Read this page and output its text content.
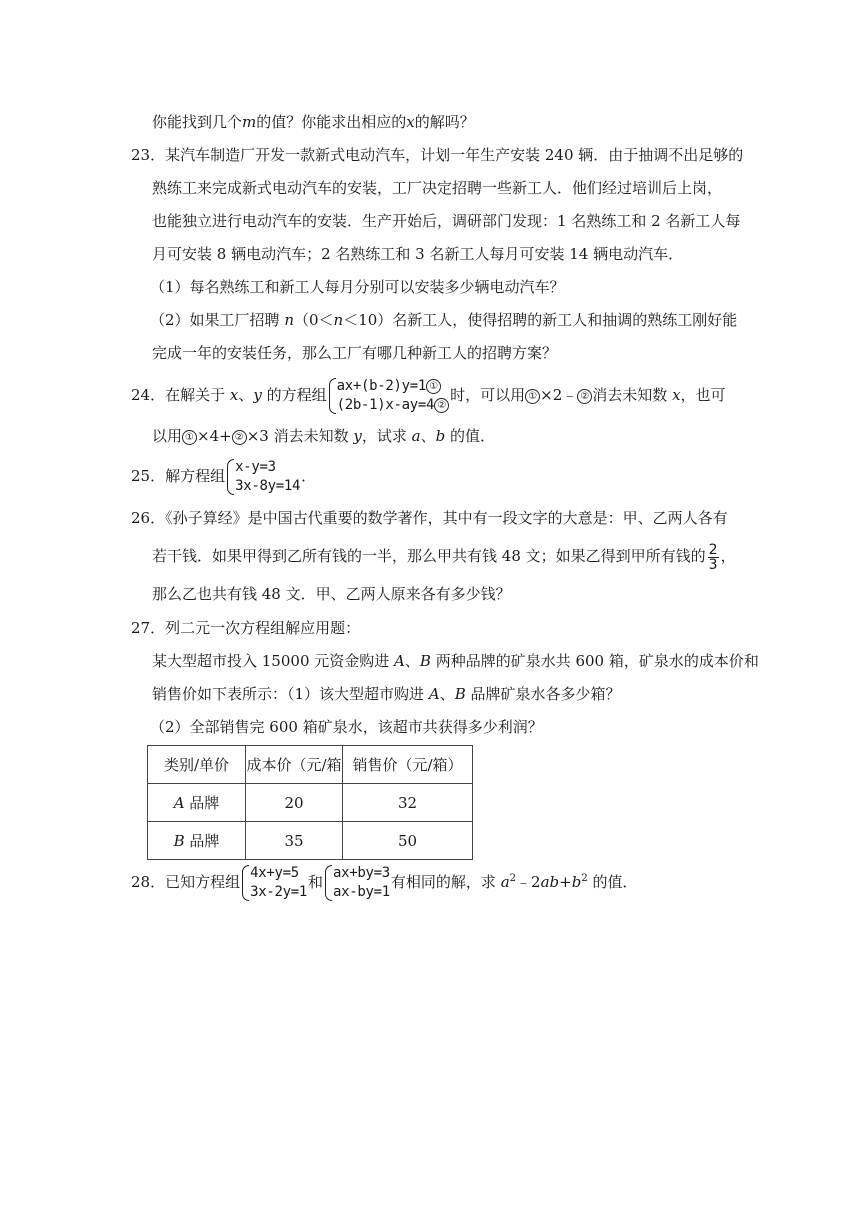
你能找到几个m的值？你能求出相应的x的解吗？
23．某汽车制造厂开发一款新式电动汽车，计划一年生产安装 240 辆．由于抽调不出足够的
熟练工来完成新式电动汽车的安装，工厂决定招聘一些新工人．他们经过培训后上岗，
也能独立进行电动汽车的安装．生产开始后，调研部门发现：1 名熟练工和 2 名新工人每
月可安装 8 辆电动汽车；2 名熟练工和 3 名新工人每月可安装 14 辆电动汽车．
（1）每名熟练工和新工人每月分别可以安装多少辆电动汽车？
（2）如果工厂招聘 n（0＜n＜10）名新工人，使得招聘的新工人和抽调的熟练工刚好能
完成一年的安装任务，那么工厂有哪几种新工人的招聘方案？
24．在解关于 x、y 的方程组 ax+(b-2)y=1 ①
(2b-1)x-ay=4 ②
时，可以用 ① ×2﹣ ② 消去未知数 x，也可
以用 ① ×4+ ② ×3 消去未知数 y，试求 a、b 的值．
25．解方程组 x-y=3
3x-8y=14
．
26．《孙子算经》是中国古代重要的数学著作，其中有一段文字的大意是：甲、乙两人各有
若干钱．如果甲得到乙所有钱的一半，那么甲共有钱 48 文；如果乙得到甲所有钱的 $\frac{2}{3}$ ，
那么乙也共有钱 48 文．甲、乙两人原来各有多少钱？
27．列二元一次方程组解应用题：
某大型超市投入 15000 元资金购进 A、B 两种品牌的矿泉水共 600 箱，矿泉水的成本价和
销售价如下表所示：（1）该大型超市购进 A、B 品牌矿泉水各多少箱？
（2）全部销售完 600 箱矿泉水，该超市共获得多少利润？
类别/单价	成本价（元/箱	销售价（元/箱）
A 品牌	20	32
B 品牌	35	50
28．已知方程组 4x+y=5
3x-2y=1
和 ax+by=3
ax-by=1
有相同的解，求 $a^2﹣2ab+b^2$ 的值．
